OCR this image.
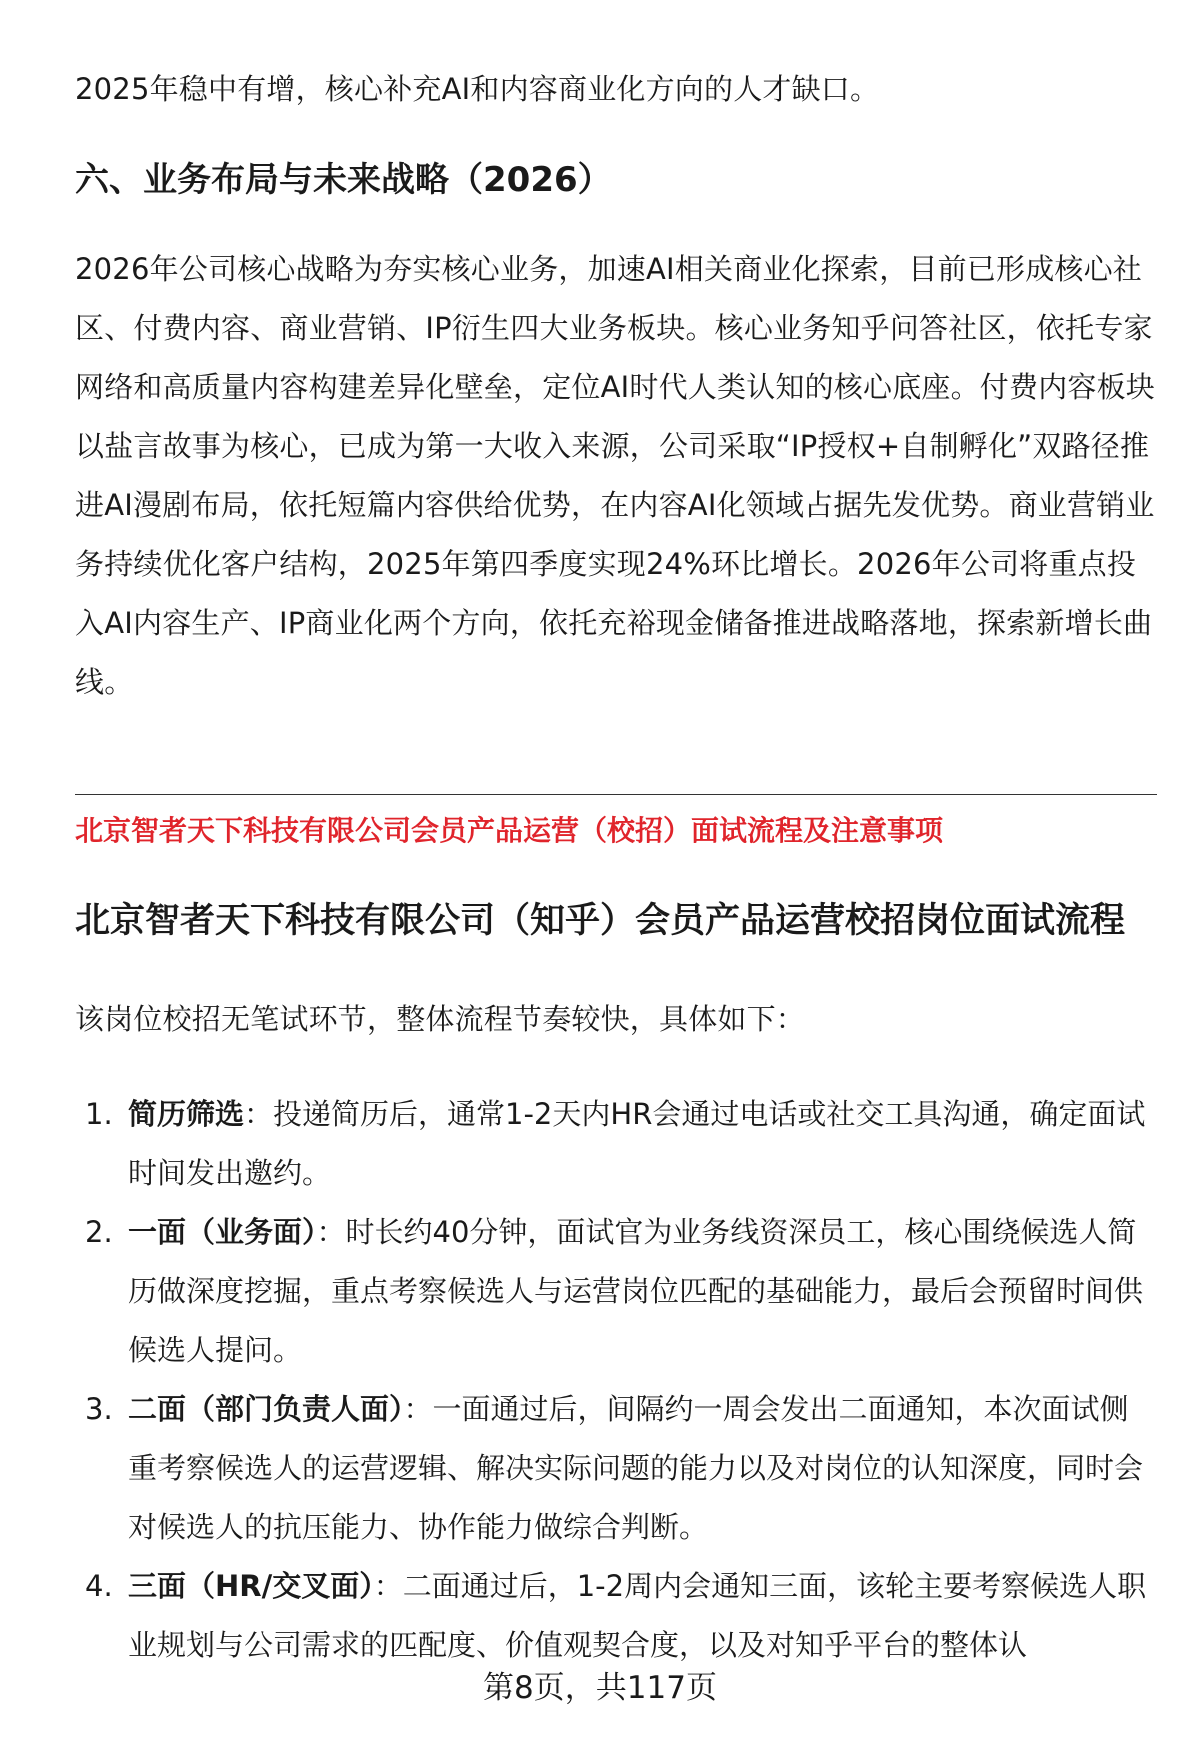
2025年稳中有增，核心补充AI和内容商业化方向的人才缺口。

六、业务布局与未来战略（2026）

2026年公司核心战略为夯实核心业务，加速AI相关商业化探索，目前已形成核心社区、付费内容、商业营销、IP衍生四大业务板块。核心业务知乎问答社区，依托专家网络和高质量内容构建差异化壁垒，定位AI时代人类认知的核心底座。付费内容板块以盐言故事为核心，已成为第一大收入来源，公司采取“IP授权+自制孵化”双路径推进AI漫剧布局，依托短篇内容供给优势，在内容AI化领域占据先发优势。商业营销业务持续优化客户结构，2025年第四季度实现24%环比增长。2026年公司将重点投入AI内容生产、IP商业化两个方向，依托充裕现金储备推进战略落地，探索新增长曲线。

北京智者天下科技有限公司会员产品运营（校招）面试流程及注意事项
北京智者天下科技有限公司（知乎）会员产品运营校招岗位面试流程

该岗位校招无笔试环节，整体流程节奏较快，具体如下：

1. 简历筛选：投递简历后，通常1-2天内HR会通过电话或社交工具沟通，确定面试时间发出邀约。
2. 一面（业务面）：时长约40分钟，面试官为业务线资深员工，核心围绕候选人简历做深度挖掘，重点考察候选人与运营岗位匹配的基础能力，最后会预留时间供候选人提问。
3. 二面（部门负责人面）：一面通过后，间隔约一周会发出二面通知，本次面试侧重考察候选人的运营逻辑、解决实际问题的能力以及对岗位的认知深度，同时会对候选人的抗压能力、协作能力做综合判断。
4. 三面（HR/交叉面）：二面通过后，1-2周内会通知三面，该轮主要考察候选人职业规划与公司需求的匹配度、价值观契合度，以及对知乎平台的整体认
第8页，共117页
